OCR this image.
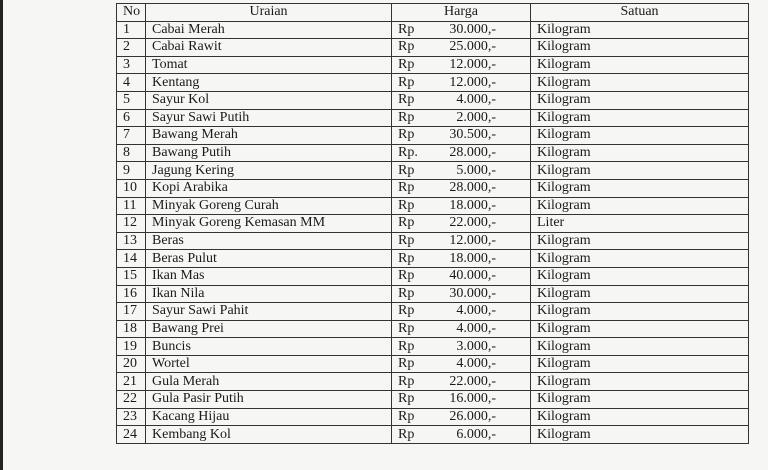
No	Uraian	Harga	Satuan
1	Cabai Merah	Rp 30.000,-	Kilogram
2	Cabai Rawit	Rp 25.000,-	Kilogram
3	Tomat	Rp 12.000,-	Kilogram
4	Kentang	Rp 12.000,-	Kilogram
5	Sayur Kol	Rp 4.000,-	Kilogram
6	Sayur Sawi Putih	Rp 2.000,-	Kilogram
7	Bawang Merah	Rp 30.500,-	Kilogram
8	Bawang Putih	Rp. 28.000,-	Kilogram
9	Jagung Kering	Rp 5.000,-	Kilogram
10	Kopi Arabika	Rp 28.000,-	Kilogram
11	Minyak Goreng Curah	Rp 18.000,-	Kilogram
12	Minyak Goreng Kemasan MM	Rp 22.000,-	Liter
13	Beras	Rp 12.000,-	Kilogram
14	Beras Pulut	Rp 18.000,-	Kilogram
15	Ikan Mas	Rp 40.000,-	Kilogram
16	Ikan Nila	Rp 30.000,-	Kilogram
17	Sayur Sawi Pahit	Rp 4.000,-	Kilogram
18	Bawang Prei	Rp 4.000,-	Kilogram
19	Buncis	Rp 3.000,-	Kilogram
20	Wortel	Rp 4.000,-	Kilogram
21	Gula Merah	Rp 22.000,-	Kilogram
22	Gula Pasir Putih	Rp 16.000,-	Kilogram
23	Kacang Hijau	Rp 26.000,-	Kilogram
24	Kembang Kol	Rp 6.000,-	Kilogram
